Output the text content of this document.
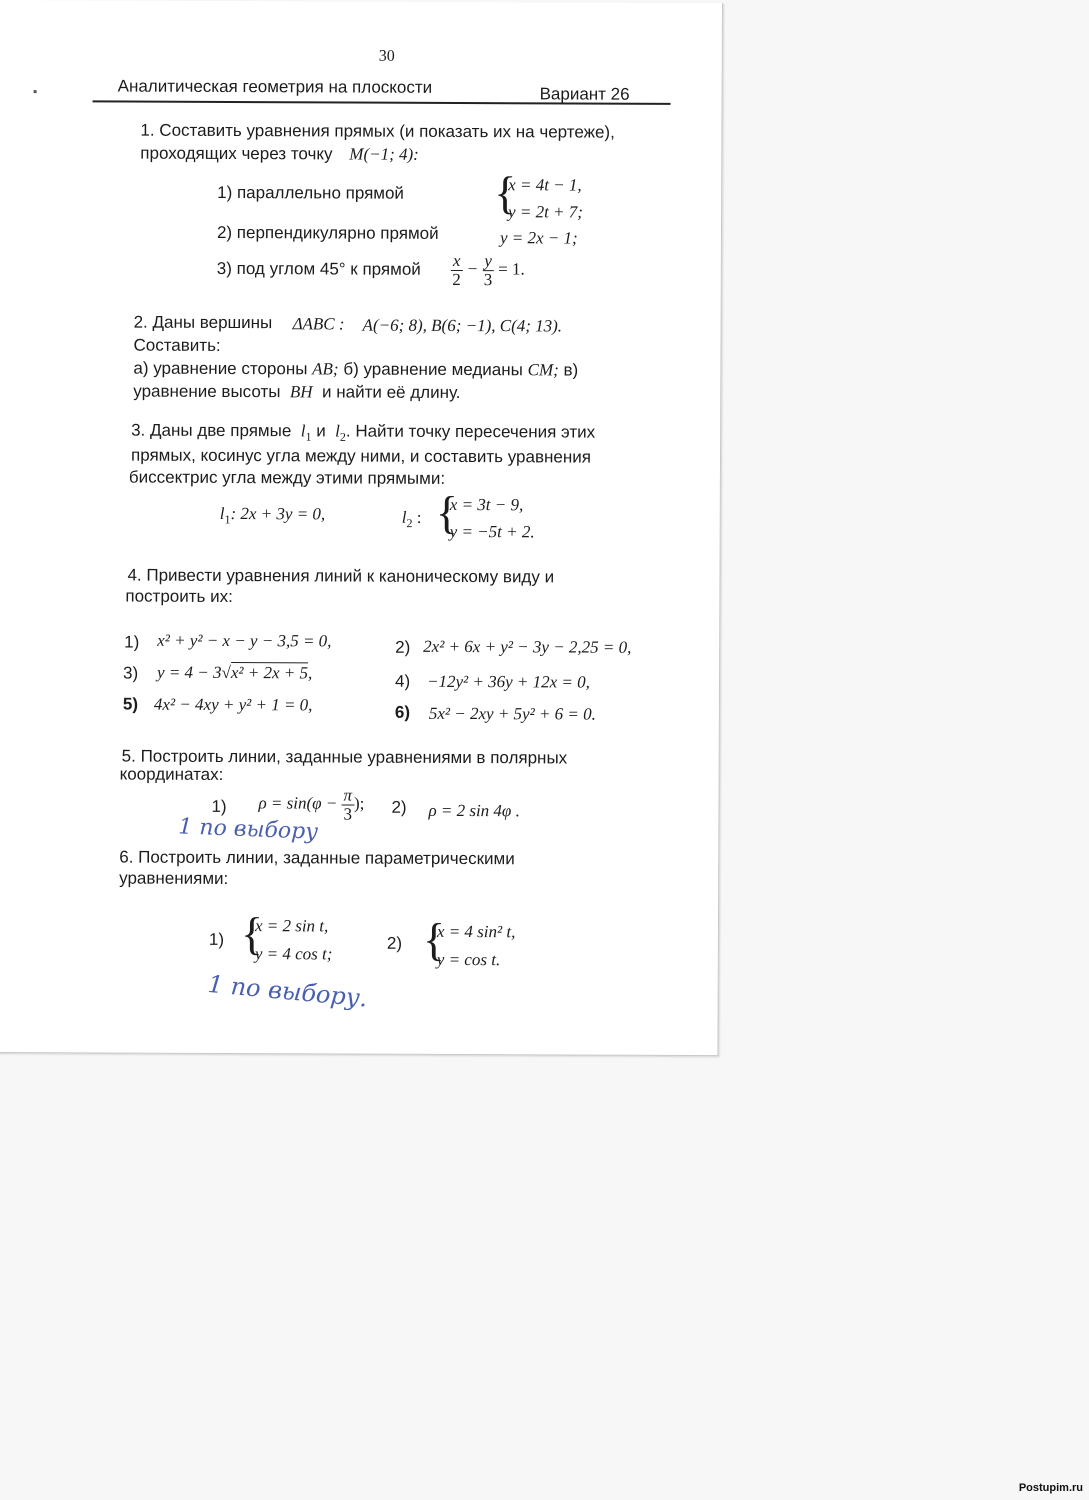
30
Аналитическая геометрия на плоскости	Вариант 26
1. Составить уравнения прямых (и показать их на чертеже),
проходящих через точку M(−1; 4):
1) параллельно прямой {
x = 4t − 1,
y = 2t + 7;
2) перпендикулярно прямой	y = 2x − 1;
3) под углом 45° к прямой $\frac{x}{2} - \frac{y}{3} = 1$.
2. Даны вершины ΔABC : A(−6; 8), B(6; −1), C(4; 13).
Составить:
а) уравнение стороны AB; б) уравнение медианы CM; в)
уравнение высоты BH и найти её длину.
3. Даны две прямые $l_1$ и $l_2$. Найти точку пересечения этих
прямых, косинус угла между ними, и составить уравнения
биссектрис угла между этими прямыми:
$l_1$: 2x + 3y = 0,	$l_2$ : {
x = 3t − 9,
y = −5t + 2.
4. Привести уравнения линий к каноническому виду и
построить их:
1) x² + y² − x − y − 3,5 = 0,	2) 2x² + 6x + y² − 3y − 2,25 = 0,
3) y = 4 − 3√x² + 2x + 5,	4) −12y² + 36y + 12x = 0,
5) 4x² − 4xy + y² + 1 = 0,	6) 5x² − 2xy + 5y² + 6 = 0.
5. Построить линии, заданные уравнениями в полярных
координатах:
1) $\rho = \sin(\varphi - \frac{\pi}{3}$ ); 2) ρ = 2 sin 4φ .
1 по выбору
6. Построить линии, заданные параметрическими
уравнениями:
1) {
x = 2 sin t,
y = 4 cos t;
2) {
x = 4 sin² t,
y = cos t.
1 по выбору.
Postupim.ru
